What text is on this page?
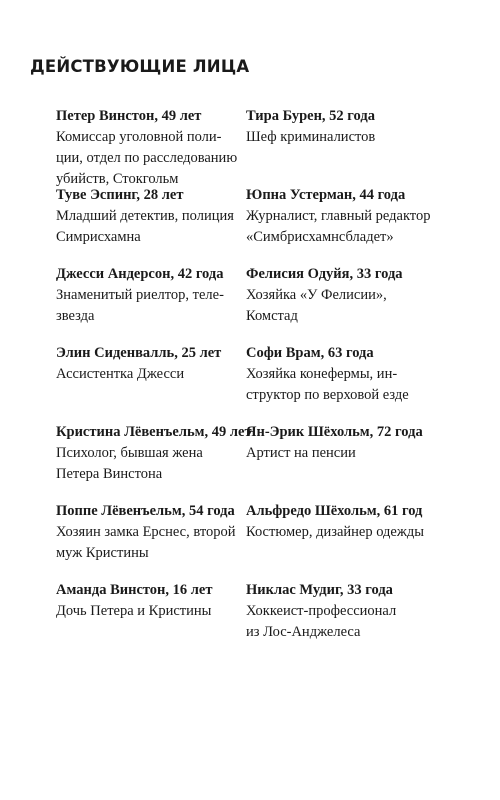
ДЕЙСТВУЮЩИЕ ЛИЦА
Петер Винстон, 49 лет
Комиссар уголовной поли-
ции, отдел по расследованию
убийств, Стокгольм
Тира Бурен, 52 года
Шеф криминалистов
Туве Эспинг, 28 лет
Младший детектив, полиция
Симрисхамна
Юпна Устерман, 44 года
Журналист, главный редактор
«Симбрисхамнсбладет»
Джесси Андерсон, 42 года
Знаменитый риелтор, теле-
звезда
Фелисия Одуйя, 33 года
Хозяйка «У Фелисии»,
Комстад
Элин Сиденвалль, 25 лет
Ассистентка Джесси
Софи Врам, 63 года
Хозяйка конефермы, ин-
структор по верховой езде
Кристина Лёвенъельм, 49 лет
Психолог, бывшая жена
Петера Винстона
Ян-Эрик Шёхольм, 72 года
Артист на пенсии
Поппе Лёвенъельм, 54 года
Хозяин замка Ерснес, второй
муж Кристины
Альфредо Шёхольм, 61 год
Костюмер, дизайнер одежды
Аманда Винстон, 16 лет
Дочь Петера и Кристины
Никлас Мудиг, 33 года
Хоккеист-профессионал
из Лос-Анджелеса
